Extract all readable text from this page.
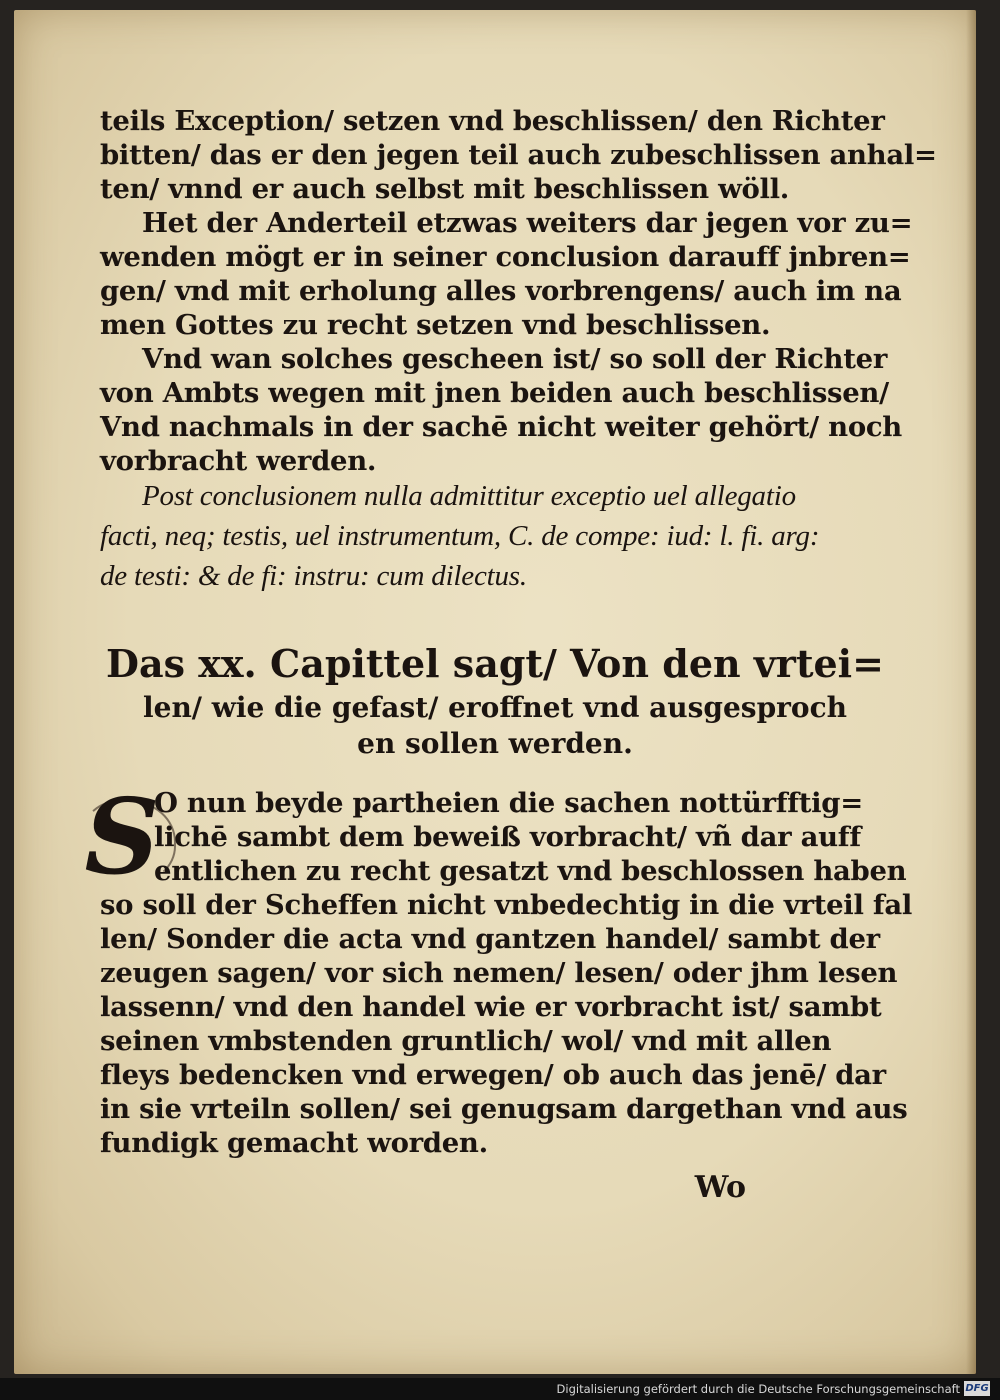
teils Exception/ setzen vnd beschlissen/ den Richter
bitten/ das er den jegen teil auch zubeschlissen anhal=
ten/ vnnd er auch selbst mit beschlissen wöll.
Het der Anderteil etzwas weiters dar jegen vor zu=
wenden mögt er in seiner conclusion darauff jnbren=
gen/ vnd mit erholung alles vorbrengens/ auch im na
men Gottes zu recht setzen vnd beschlissen.
Vnd wan solches gescheen ist/ so soll der Richter
von Ambts wegen mit jnen beiden auch beschlissen/
Vnd nachmals in der sachē nicht weiter gehört/ noch
vorbracht werden.
Post conclusionem nulla admittitur exceptio uel allegatio
facti, neq; testis, uel instrumentum, C. de compe: iud: l. fi. arg:
de testi: & de fi: instru: cum dilectus.
Das xx. Capittel sagt/ Von den vrtei=
len/ wie die gefast/ eroffnet vnd ausgesproch
en sollen werden.
S
O nun beyde partheien die sachen nottürfftig=
lichē sambt dem beweiß vorbracht/ vñ dar auff
entlichen zu recht gesatzt vnd beschlossen haben
so soll der Scheffen nicht vnbedechtig in die vrteil fal
len/ Sonder die acta vnd gantzen handel/ sambt der
zeugen sagen/ vor sich nemen/ lesen/ oder jhm lesen
lassenn/ vnd den handel wie er vorbracht ist/ sambt
seinen vmbstenden gruntlich/ wol/ vnd mit allen
fleys bedencken vnd erwegen/ ob auch das jenē/ dar
in sie vrteiln sollen/ sei genugsam dargethan vnd aus
fundigk gemacht worden.
Wo
Digitalisierung gefördert durch die Deutsche Forschungsgemeinschaft DFG
